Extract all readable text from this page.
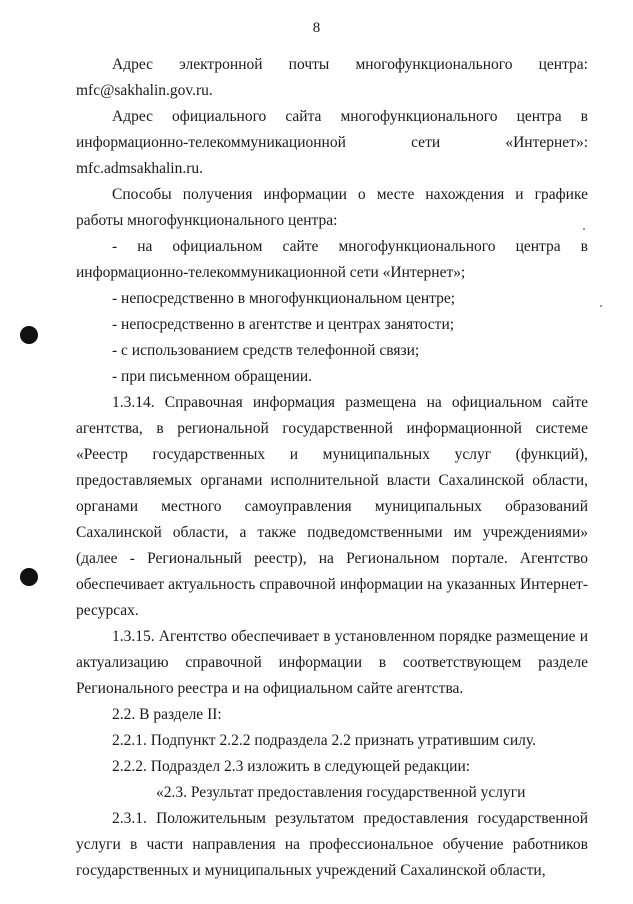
8

Адрес электронной почты многофункционального центра: mfc@sakhalin.gov.ru.

Адрес официального сайта многофункционального центра в информационно-телекоммуникационной сети «Интернет»: mfc.admsakhalin.ru.

Способы получения информации о месте нахождения и графике работы многофункционального центра:

- на официальном сайте многофункционального центра в информационно-телекоммуникационной сети «Интернет»;

- непосредственно в многофункциональном центре;

- непосредственно в агентстве и центрах занятости;

- с использованием средств телефонной связи;

- при письменном обращении.

1.3.14. Справочная информация размещена на официальном сайте агентства, в региональной государственной информационной системе «Реестр государственных и муниципальных услуг (функций), предоставляемых органами исполнительной власти Сахалинской области, органами местного самоуправления муниципальных образований Сахалинской области, а также подведомственными им учреждениями» (далее - Региональный реестр), на Региональном портале. Агентство обеспечивает актуальность справочной информации на указанных Интернет-ресурсах.

1.3.15. Агентство обеспечивает в установленном порядке размещение и актуализацию справочной информации в соответствующем разделе Регионального реестра и на официальном сайте агентства.

2.2. В разделе II:

2.2.1. Подпункт 2.2.2 подраздела 2.2 признать утратившим силу.

2.2.2. Подраздел 2.3 изложить в следующей редакции:

«2.3. Результат предоставления государственной услуги

2.3.1. Положительным результатом предоставления государственной услуги в части направления на профессиональное обучение работников государственных и муниципальных учреждений Сахалинской области,
